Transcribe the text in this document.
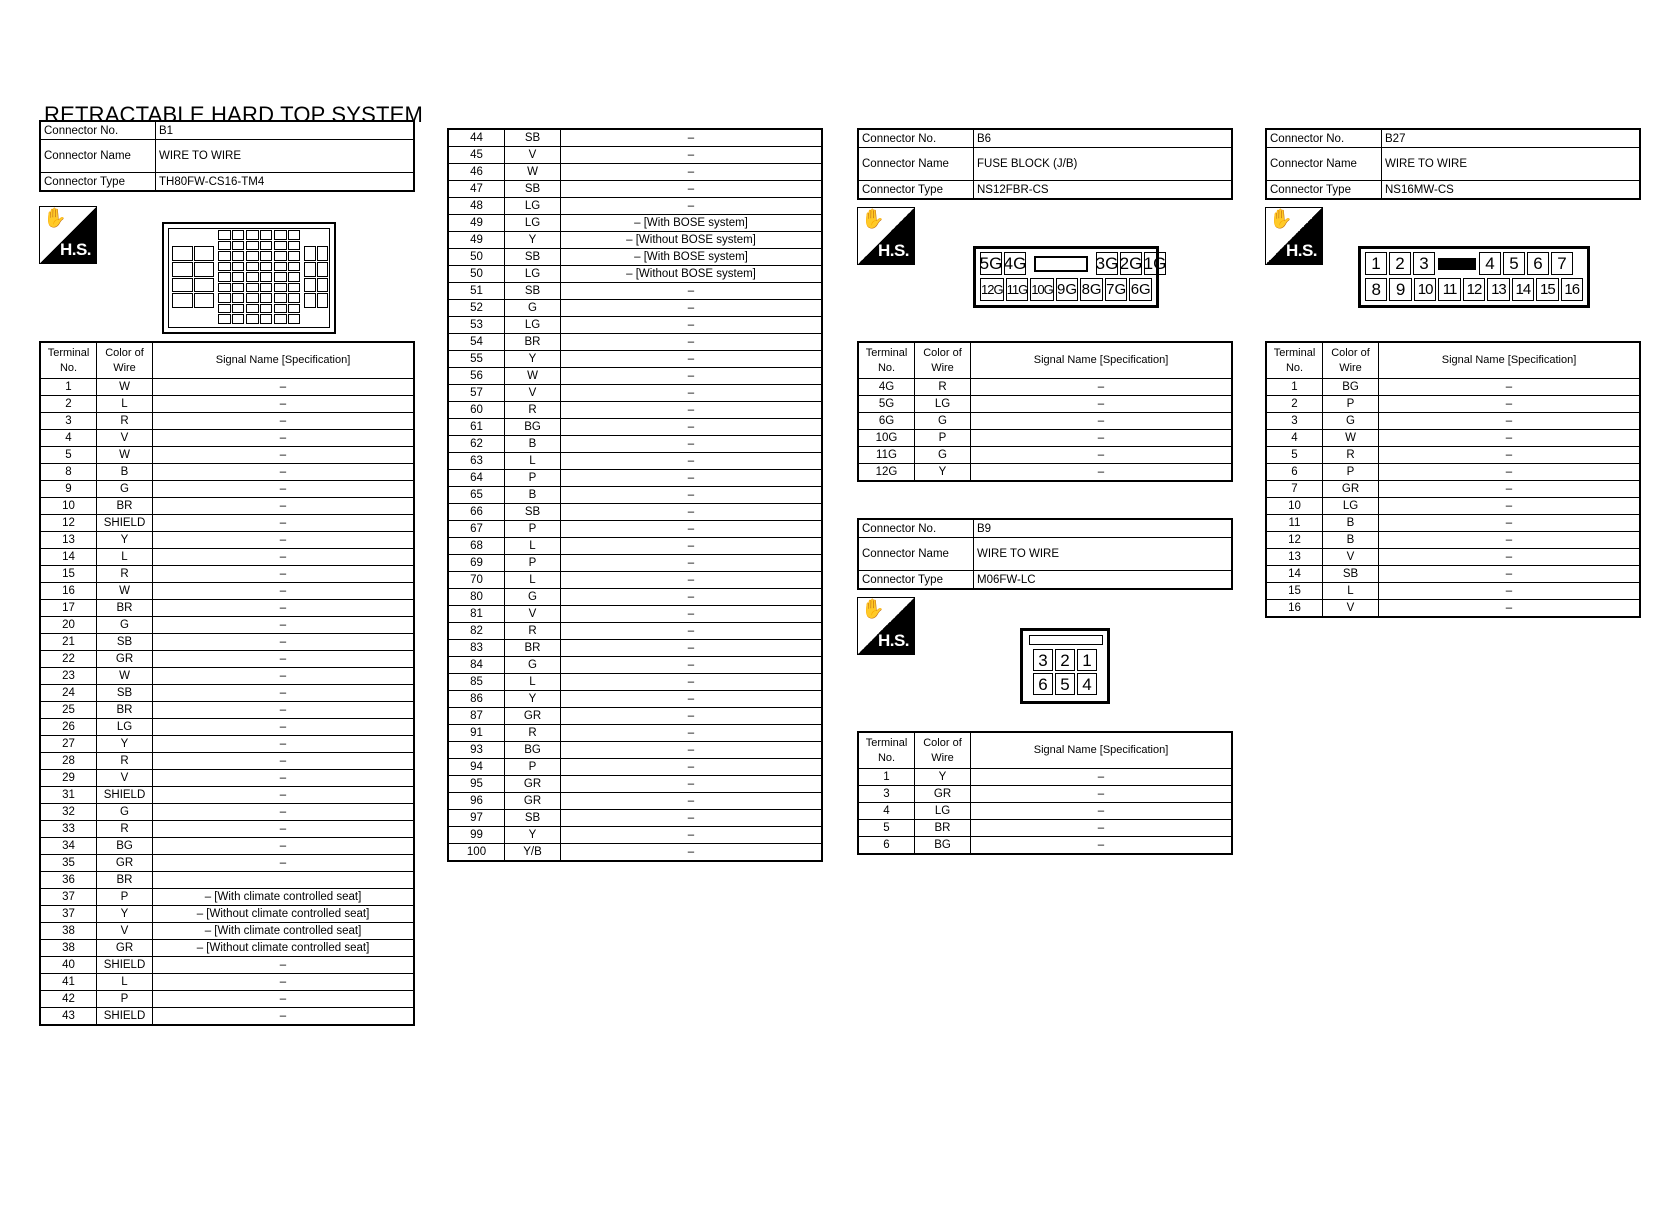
RETRACTABLE HARD TOP SYSTEM
Connector No.	B1
Connector Name	WIRE TO WIRE
Connector Type	TH80FW-CS16-TM4
✋
H.S.
Terminal No.	Color of Wire	Signal Name [Specification]
1	W	–
2	L	–
3	R	–
4	V	–
5	W	–
8	B	–
9	G	–
10	BR	–
12	SHIELD	–
13	Y	–
14	L	–
15	R	–
16	W	–
17	BR	–
20	G	–
21	SB	–
22	GR	–
23	W	–
24	SB	–
25	BR	–
26	LG	–
27	Y	–
28	R	–
29	V	–
31	SHIELD	–
32	G	–
33	R	–
34	BG	–
35	GR	–
36	BR	
37	P	– [With climate controlled seat]
37	Y	– [Without climate controlled seat]
38	V	– [With climate controlled seat]
38	GR	– [Without climate controlled seat]
40	SHIELD	–
41	L	–
42	P	–
43	SHIELD	–
44	SB	–
45	V	–
46	W	–
47	SB	–
48	LG	–
49	LG	– [With BOSE system]
49	Y	– [Without BOSE system]
50	SB	– [With BOSE system]
50	LG	– [Without BOSE system]
51	SB	–
52	G	–
53	LG	–
54	BR	–
55	Y	–
56	W	–
57	V	–
60	R	–
61	BG	–
62	B	–
63	L	–
64	P	–
65	B	–
66	SB	–
67	P	–
68	L	–
69	P	–
70	L	–
80	G	–
81	V	–
82	R	–
83	BR	–
84	G	–
85	L	–
86	Y	–
87	GR	–
91	R	–
93	BG	–
94	P	–
95	GR	–
96	GR	–
97	SB	–
99	Y	–
100	Y/B	–
Connector No.	B6
Connector Name	FUSE BLOCK (J/B)
Connector Type	NS12FBR-CS
✋
H.S.
5G 4G	3G 2G 1G
12G 11G 10G 9G 8G 7G 6G
Terminal No.	Color of Wire	Signal Name [Specification]
4G	R	–
5G	LG	–
6G	G	–
10G	P	–
11G	G	–
12G	Y	–
Connector No.	B9
Connector Name	WIRE TO WIRE
Connector Type	M06FW-LC
✋
H.S.
3 2 1
6 5 4
Terminal No.	Color of Wire	Signal Name [Specification]
1	Y	–
3	GR	–
4	LG	–
5	BR	–
6	BG	–
Connector No.	B27
Connector Name	WIRE TO WIRE
Connector Type	NS16MW-CS
✋
H.S.
1 2 3	4 5 6 7
8 9 10 11 12 13 14 15 16
Terminal No.	Color of Wire	Signal Name [Specification]
1	BG	–
2	P	–
3	G	–
4	W	–
5	R	–
6	P	–
7	GR	–
10	LG	–
11	B	–
12	B	–
13	V	–
14	SB	–
15	L	–
16	V	–
